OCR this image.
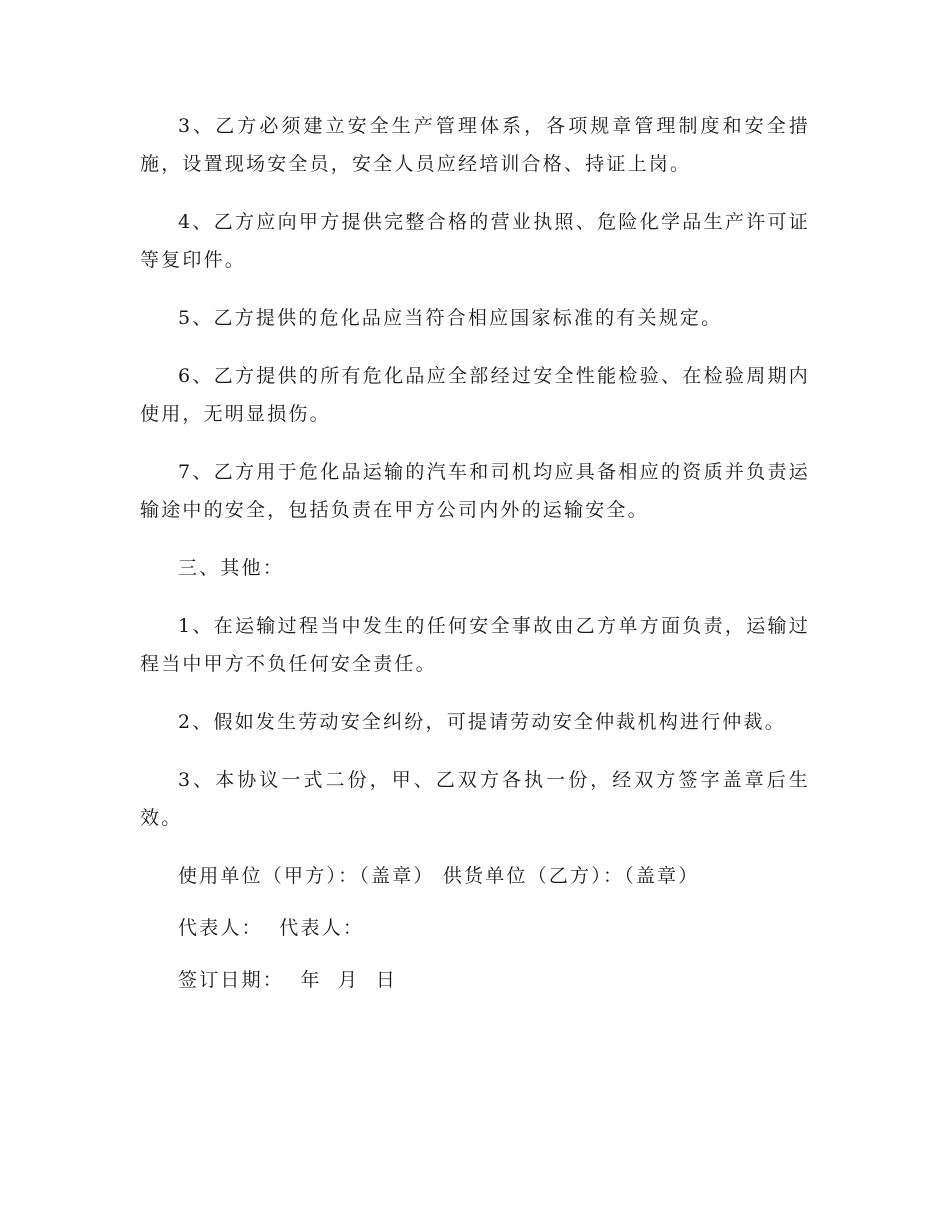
3、乙方必须建立安全生产管理体系，各项规章管理制度和安全措施，设置现场安全员，安全人员应经培训合格、持证上岗。

4、乙方应向甲方提供完整合格的营业执照、危险化学品生产许可证等复印件。

5、乙方提供的危化品应当符合相应国家标准的有关规定。

6、乙方提供的所有危化品应全部经过安全性能检验、在检验周期内使用，无明显损伤。

7、乙方用于危化品运输的汽车和司机均应具备相应的资质并负责运输途中的安全，包括负责在甲方公司内外的运输安全。

三、其他：

1、在运输过程当中发生的任何安全事故由乙方单方面负责，运输过程当中甲方不负任何安全责任。

2、假如发生劳动安全纠纷，可提请劳动安全仲裁机构进行仲裁。

3、本协议一式二份，甲、乙双方各执一份，经双方签字盖章后生效。

使用单位（甲方）：（盖章） 供货单位（乙方）：（盖章）
代表人：  代表人：
签订日期：  年  月  日
